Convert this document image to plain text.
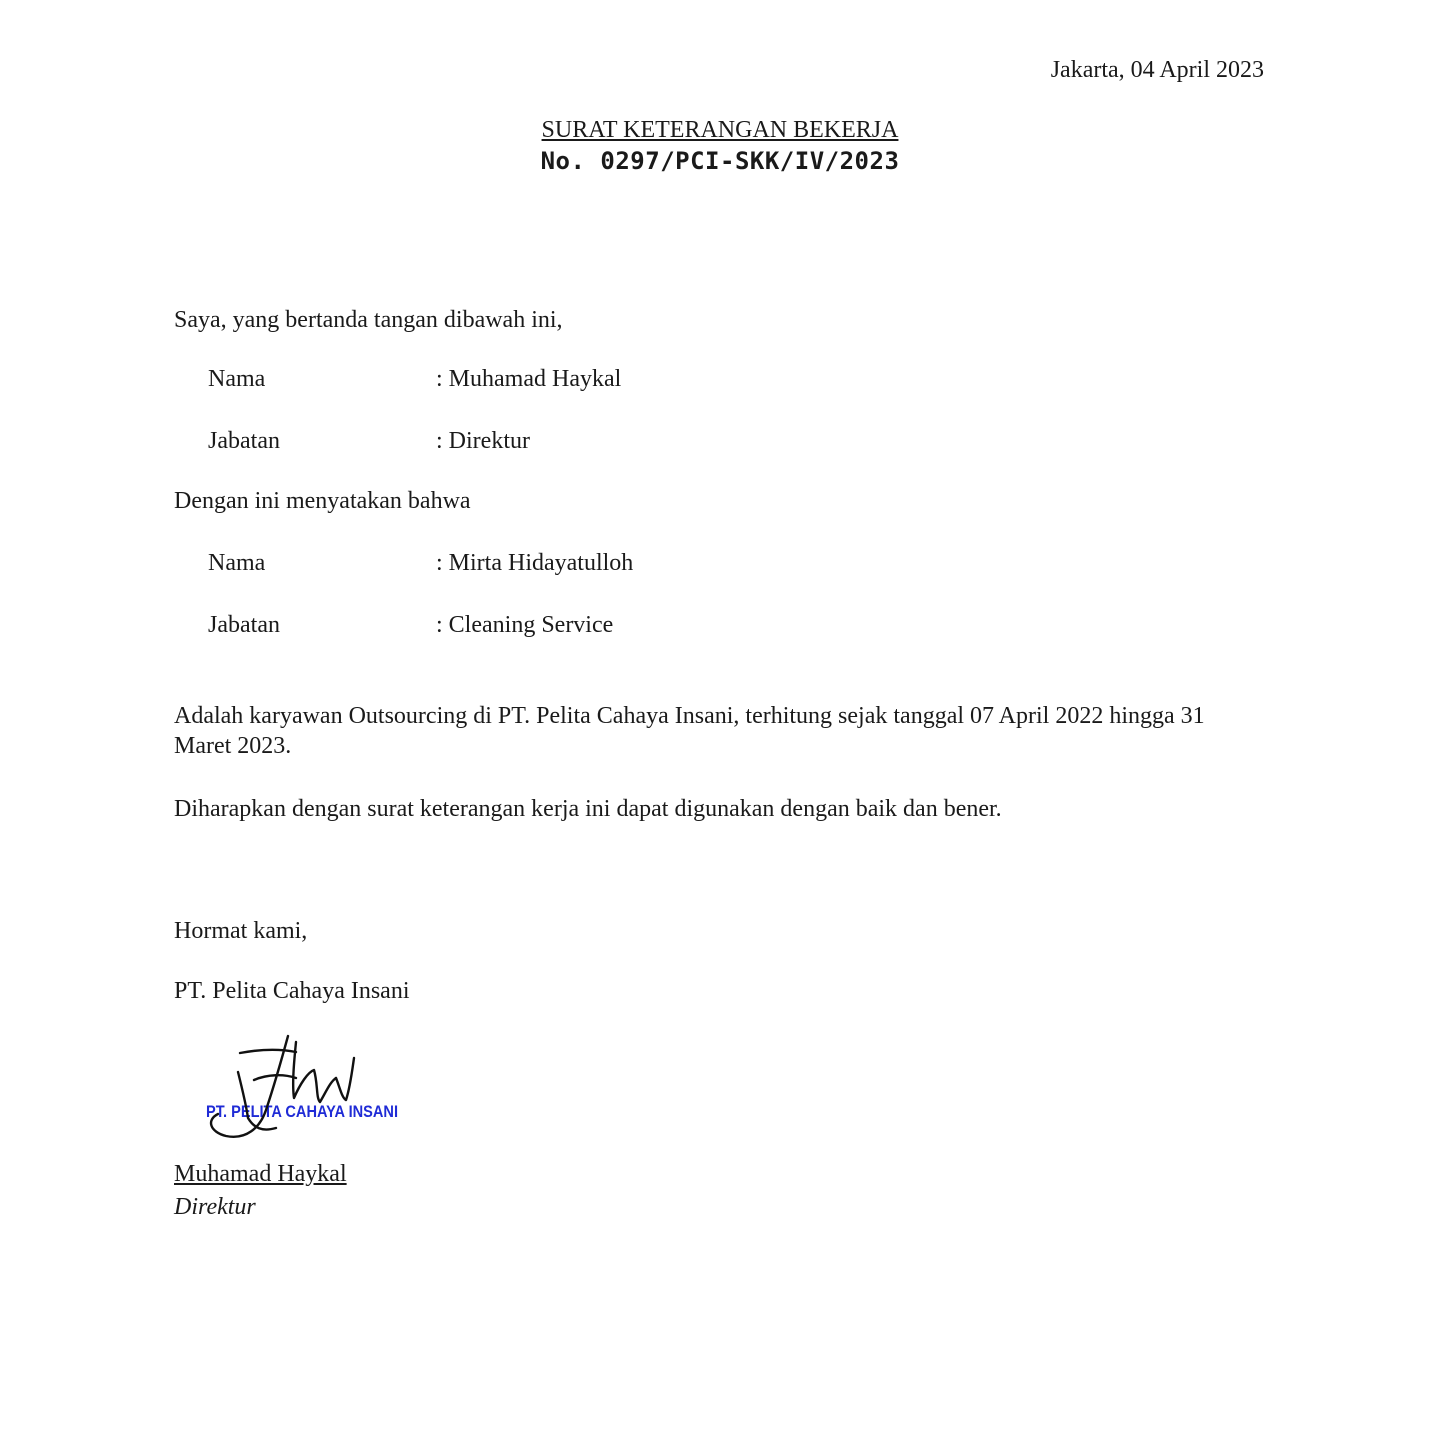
Jakarta, 04 April 2023
SURAT KETERANGAN BEKERJA
No. 0297/PCI-SKK/IV/2023
Saya, yang bertanda tangan dibawah ini,
Nama	: Muhamad Haykal
Jabatan	: Direktur
Dengan ini menyatakan bahwa
Nama	: Mirta Hidayatulloh
Jabatan	: Cleaning Service
Adalah karyawan Outsourcing di PT. Pelita Cahaya Insani, terhitung sejak tanggal 07 April 2022 hingga 31 Maret 2023.
Diharapkan dengan surat keterangan kerja ini dapat digunakan dengan baik dan bener.
Hormat kami,
PT. Pelita Cahaya Insani
PT. PELITA CAHAYA INSANI
Muhamad Haykal
Direktur
